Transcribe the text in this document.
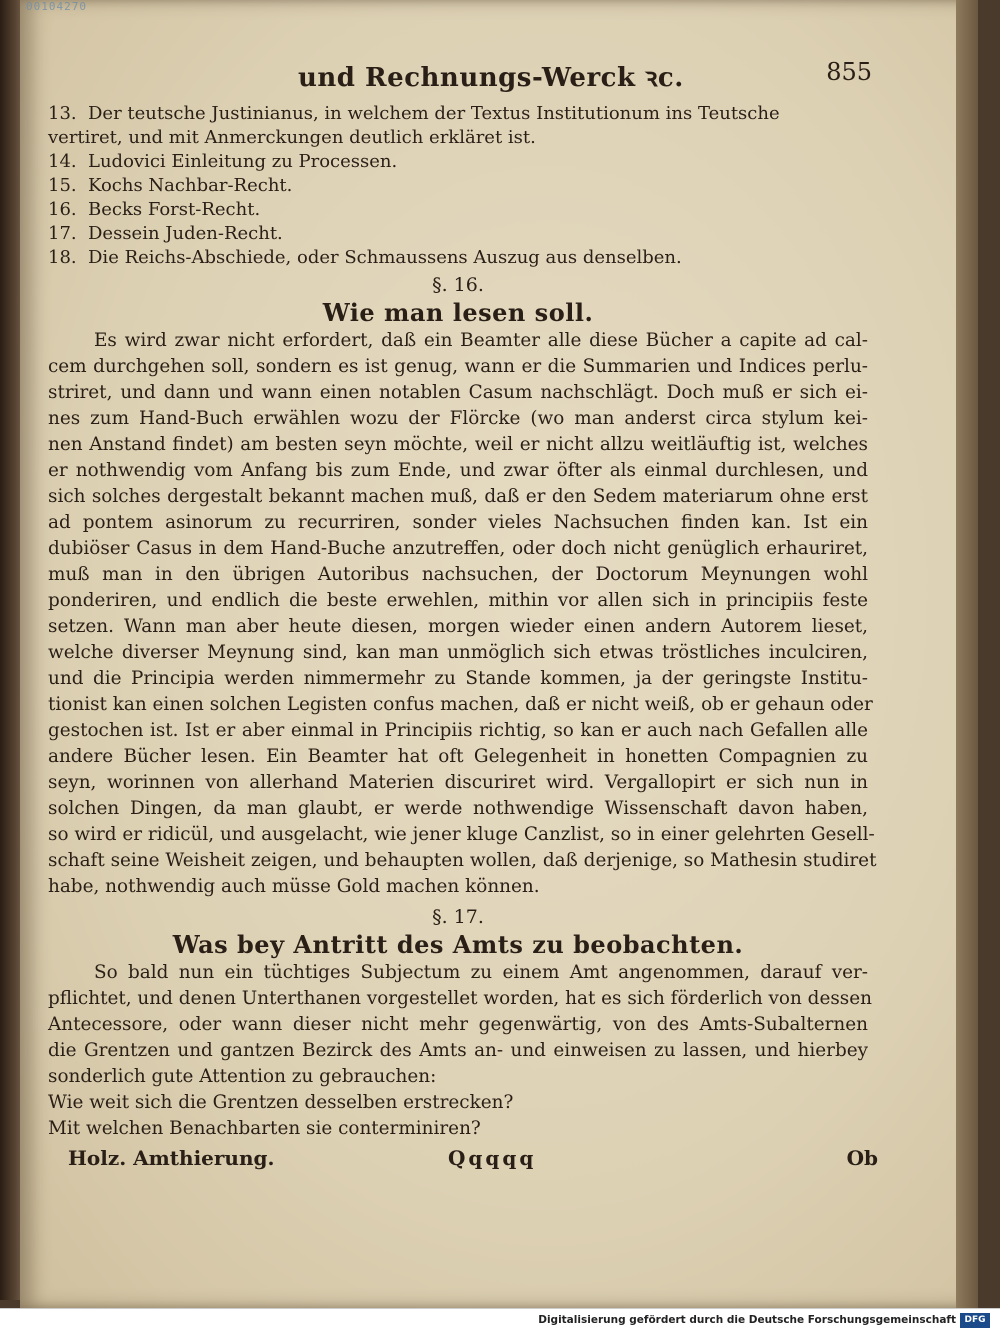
00104270
und Rechnungs-Werck ꝛc.	855
13. Der teutsche Justinianus, in welchem der Textus Institutionum ins Teutsche
vertiret, und mit Anmerckungen deutlich erkläret ist.
14. Ludovici Einleitung zu Processen.
15. Kochs Nachbar-Recht.
16. Becks Forst-Recht.
17. Dessein Juden-Recht.
18. Die Reichs-Abschiede, oder Schmaussens Auszug aus denselben.
§. 16.
Wie man lesen soll.

Es wird zwar nicht erfordert, daß ein Beamter alle diese Bücher a capite ad cal-

cem durchgehen soll, sondern es ist genug, wann er die Summarien und Indices perlu-

striret, und dann und wann einen notablen Casum nachschlägt. Doch muß er sich ei-

nes zum Hand-Buch erwählen wozu der Flörcke (wo man anderst circa stylum kei-

nen Anstand findet) am besten seyn möchte, weil er nicht allzu weitläuftig ist, welches

er nothwendig vom Anfang bis zum Ende, und zwar öfter als einmal durchlesen, und

sich solches dergestalt bekannt machen muß, daß er den Sedem materiarum ohne erst

ad pontem asinorum zu recurriren, sonder vieles Nachsuchen finden kan. Ist ein

dubiöser Casus in dem Hand-Buche anzutreffen, oder doch nicht genüglich erhauriret,

muß man in den übrigen Autoribus nachsuchen, der Doctorum Meynungen wohl

ponderiren, und endlich die beste erwehlen, mithin vor allen sich in principiis feste

setzen. Wann man aber heute diesen, morgen wieder einen andern Autorem lieset,

welche diverser Meynung sind, kan man unmöglich sich etwas tröstliches inculciren,

und die Principia werden nimmermehr zu Stande kommen, ja der geringste Institu-

tionist kan einen solchen Legisten confus machen, daß er nicht weiß, ob er gehaun oder

gestochen ist. Ist er aber einmal in Principiis richtig, so kan er auch nach Gefallen alle

andere Bücher lesen. Ein Beamter hat oft Gelegenheit in honetten Compagnien zu

seyn, worinnen von allerhand Materien discuriret wird. Vergallopirt er sich nun in

solchen Dingen, da man glaubt, er werde nothwendige Wissenschaft davon haben,

so wird er ridicül, und ausgelacht, wie jener kluge Canzlist, so in einer gelehrten Gesell-

schaft seine Weisheit zeigen, und behaupten wollen, daß derjenige, so Mathesin studiret

habe, nothwendig auch müsse Gold machen können.

§. 17.
Was bey Antritt des Amts zu beobachten.

So bald nun ein tüchtiges Subjectum zu einem Amt angenommen, darauf ver-

pflichtet, und denen Unterthanen vorgestellet worden, hat es sich förderlich von dessen

Antecessore, oder wann dieser nicht mehr gegenwärtig, von des Amts-Subalternen

die Grentzen und gantzen Bezirck des Amts an- und einweisen zu lassen, und hierbey

sonderlich gute Attention zu gebrauchen:

Wie weit sich die Grentzen desselben erstrecken?

Mit welchen Benachbarten sie conterminiren?

Holz. Amthierung.	Qqqqq	Ob
Digitalisierung gefördert durch die Deutsche Forschungsgemeinschaft DFG
